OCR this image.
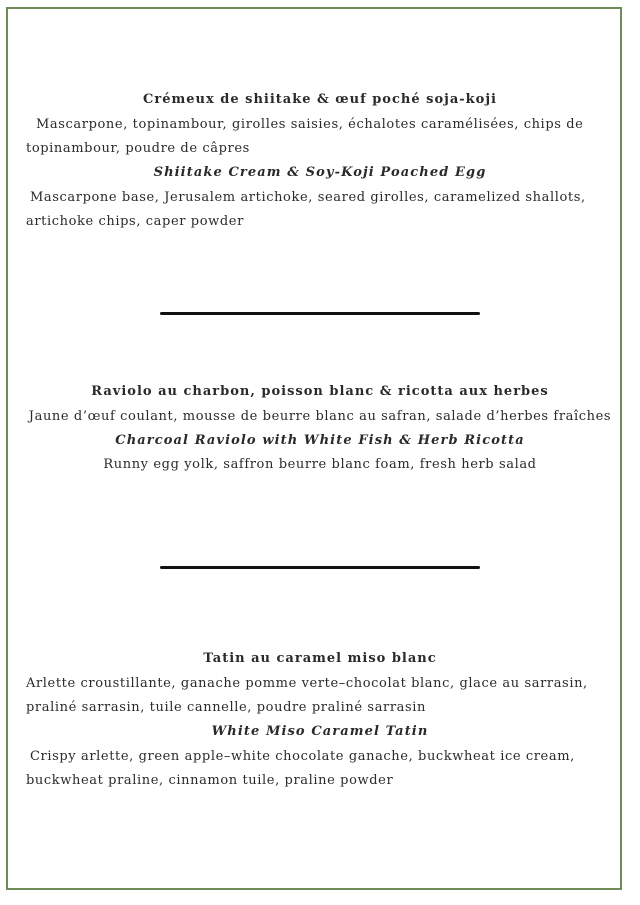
Crémeux de shiitake & œuf poché soja-koji
Mascarpone, topinambour, girolles saisies, échalotes caramélisées, chips de
topinambour, poudre de câpres
Shiitake Cream & Soy-Koji Poached Egg
Mascarpone base, Jerusalem artichoke, seared girolles, caramelized shallots,
artichoke chips, caper powder
Raviolo au charbon, poisson blanc & ricotta aux herbes
Jaune d’œuf coulant, mousse de beurre blanc au safran, salade d’herbes fraîches
Charcoal Raviolo with White Fish & Herb Ricotta
Runny egg yolk, saffron beurre blanc foam, fresh herb salad
Tatin au caramel miso blanc
Arlette croustillante, ganache pomme verte–chocolat blanc, glace au sarrasin,
praliné sarrasin, tuile cannelle, poudre praliné sarrasin
White Miso Caramel Tatin
Crispy arlette, green apple–white chocolate ganache, buckwheat ice cream,
buckwheat praline, cinnamon tuile, praline powder
